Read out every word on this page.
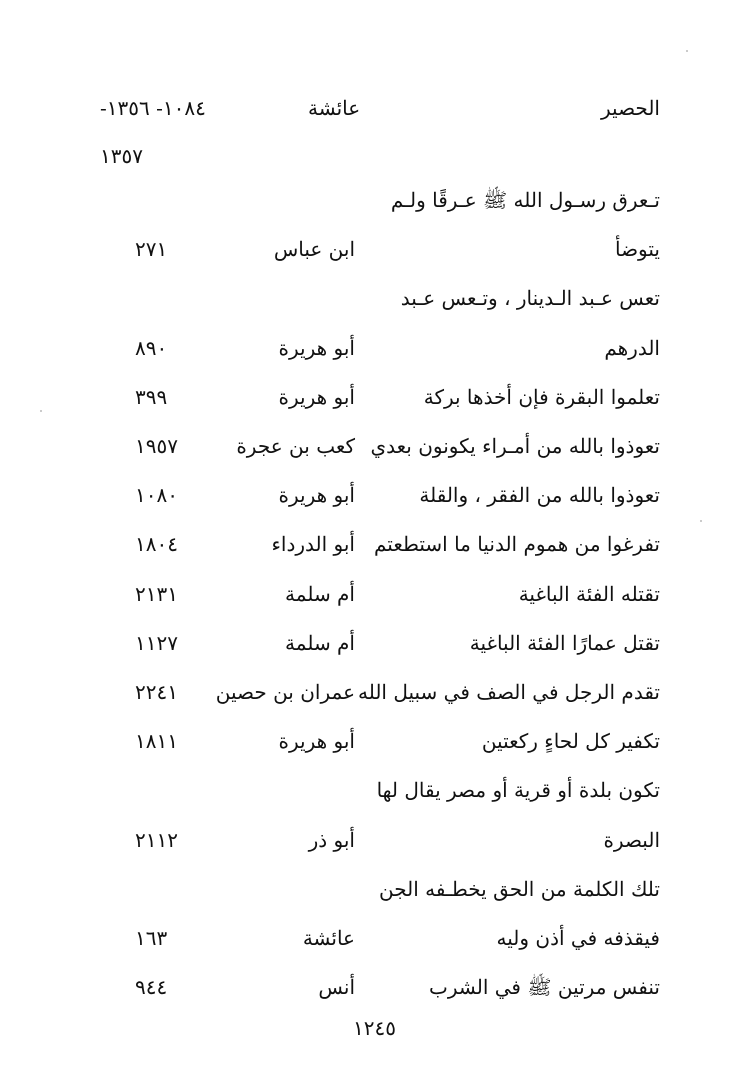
١٠٨٤- ١٣٥٦-	عائشة	الحصير
١٣٥٧
تـعرق رسـول الله ﷺ عـرقًا ولـم
يتوضأ
ابن عباس
٢٧١
تعس عـبد الـدينار ، وتـعس عـبد
الدرهم
أبو هريرة
٨٩٠
تعلموا البقرة فإن أخذها بركة
أبو هريرة
٣٩٩
تعوذوا بالله من أمـراء يكونون بعدي
كعب بن عجرة
١٩٥٧
تعوذوا بالله من الفقر ، والقلة
أبو هريرة
١٠٨٠
تفرغوا من هموم الدنيا ما استطعتم
أبو الدرداء
١٨٠٤
تقتله الفئة الباغية
أم سلمة
٢١٣١
تقتل عمارًا الفئة الباغية
أم سلمة
١١٢٧
تقدم الرجل في الصف في سبيل الله
عمران بن حصين
٢٢٤١
تكفير كل لحاءٍ ركعتين
أبو هريرة
١٨١١
تكون بلدة أو قرية أو مصر يقال لها
البصرة
أبو ذر
٢١١٢
تلك الكلمة من الحق يخطـفه الجن
فيقذفه في أذن وليه
عائشة
١٦٣
تنفس مرتين ﷺ في الشرب
أنس
٩٤٤
١٢٤٥
